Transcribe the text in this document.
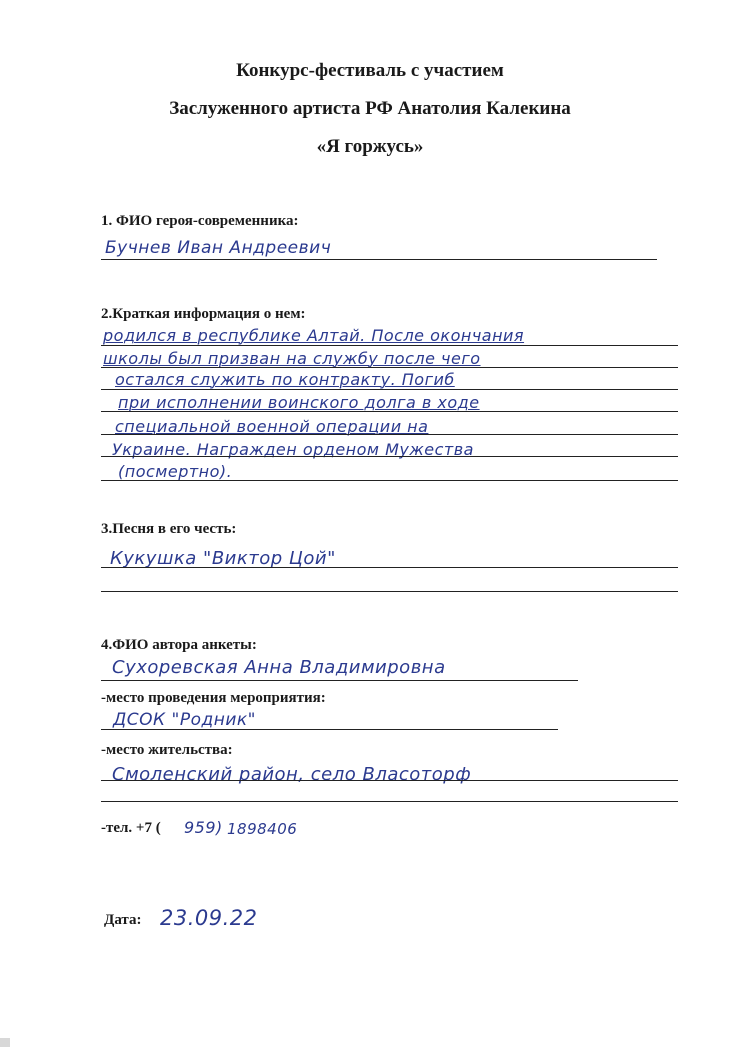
Конкурс-фестиваль с участием
Заслуженного артиста РФ Анатолия Калекина
«Я горжусь»
1. ФИО героя-современника:
Бучнев Иван Андреевич
2.Краткая информация о нем:
родился в республике Алтай. После окончания
школы был призван на службу после чего
остался служить по контракту. Погиб
при исполнении воинского долга в ходе
специальной военной операции на
Украине. Награжден орденом Мужества
(посмертно).
3.Песня в его честь:
Кукушка "Виктор Цой"
4.ФИО автора анкеты:
Сухоревская Анна Владимировна
-место проведения мероприятия:
ДСОК "Родник"
-место жительства:
Смоленский район, село Власоторф
-тел. +7 ( 959) 1898406
Дата: 23.09.22
